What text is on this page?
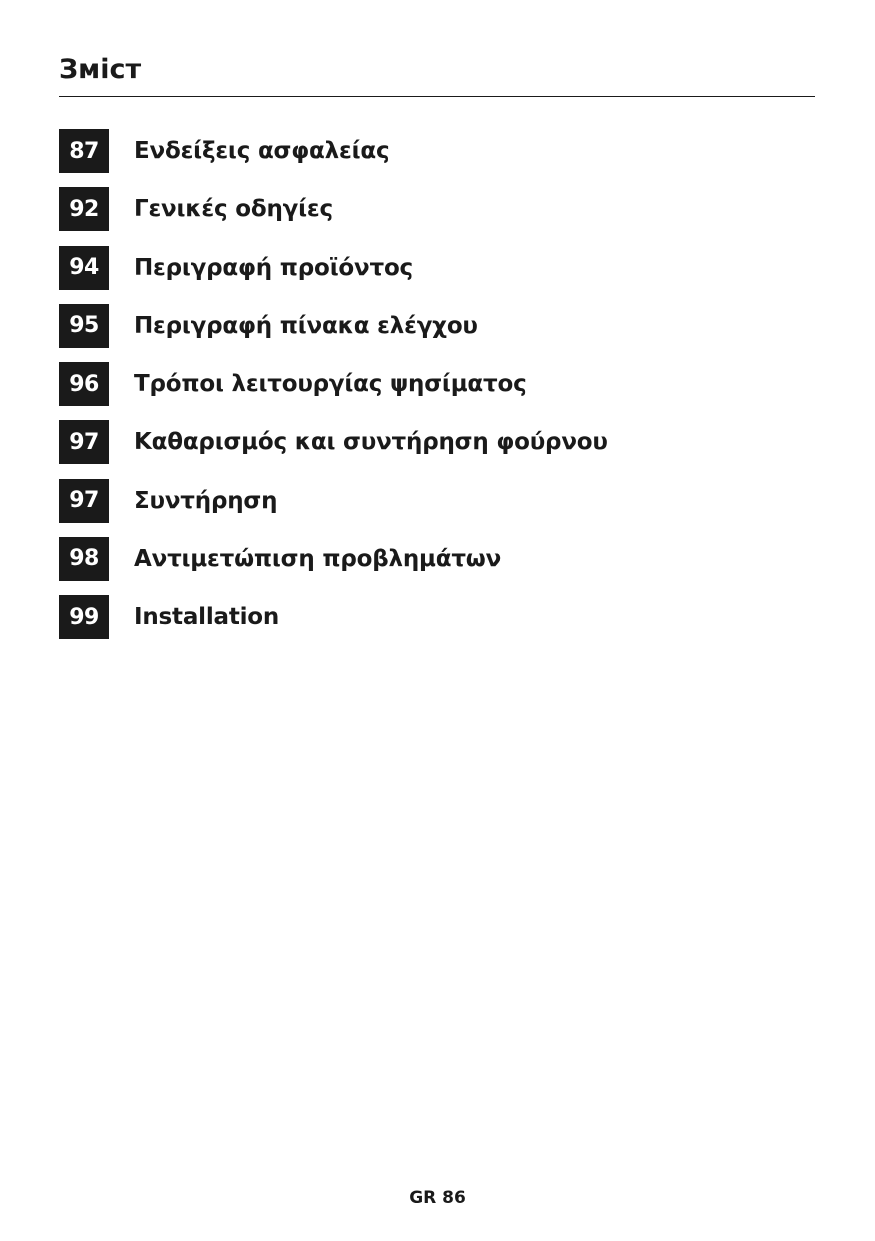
Зміст
87	Ενδείξεις ασφαλείας
92	Γενικές οδηγίες
94	Περιγραφή προϊόντος
95	Περιγραφή πίνακα ελέγχου
96	Τρόποι λειτουργίας ψησίματος
97	Καθαρισμός και συντήρηση φούρνου
97	Συντήρηση
98	Αντιμετώπιση προβλημάτων
99	Installation
GR 86
